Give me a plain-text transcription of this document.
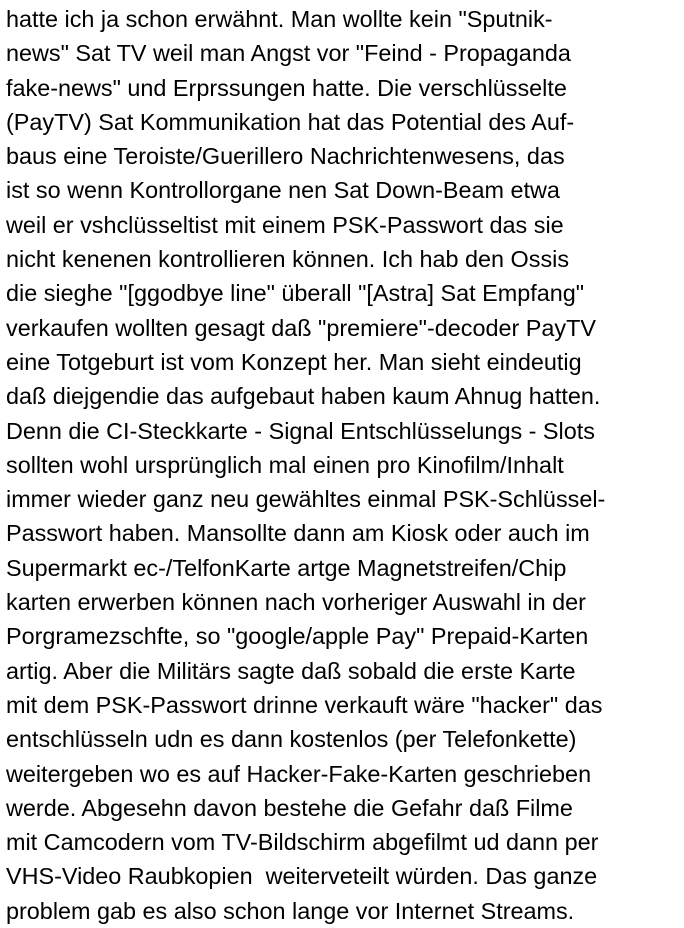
hatte ich ja schon erwähnt. Man wollte kein "Sputnik-
news" Sat TV weil man Angst vor "Feind - Propaganda
fake-news" und Erprssungen hatte. Die verschlüsselte
(PayTV) Sat Kommunikation hat das Potential des Auf-
baus eine Teroiste/Guerillero Nachrichtenwesens, das
ist so wenn Kontrollorgane nen Sat Down-Beam etwa
weil er vshclüsseltist mit einem PSK-Passwort das sie
nicht kenenen kontrollieren können. Ich hab den Ossis
die sieghe "[ggodbye line" überall "[Astra] Sat Empfang"
verkaufen wollten gesagt daß "premiere"-decoder PayTV
eine Totgeburt ist vom Konzept her. Man sieht eindeutig
daß diejgendie das aufgebaut haben kaum Ahnug hatten.
Denn die CI-Steckkarte - Signal Entschlüsselungs - Slots
sollten wohl ursprünglich mal einen pro Kinofilm/Inhalt
immer wieder ganz neu gewähltes einmal PSK-Schlüssel-
Passwort haben. Mansollte dann am Kiosk oder auch im
Supermarkt ec-/TelfonKarte artge Magnetstreifen/Chip
karten erwerben können nach vorheriger Auswahl in der
Porgramezschfte, so "google/apple Pay" Prepaid-Karten
artig. Aber die Militärs sagte daß sobald die erste Karte
mit dem PSK-Passwort drinne verkauft wäre "hacker" das
entschlüsseln udn es dann kostenlos (per Telefonkette)
weitergeben wo es auf Hacker-Fake-Karten geschrieben
werde. Abgesehn davon bestehe die Gefahr daß Filme
mit Camcodern vom TV-Bildschirm abgefilmt ud dann per
VHS-Video Raubkopien  weiterveteilt würden. Das ganze
problem gab es also schon lange vor Internet Streams.
